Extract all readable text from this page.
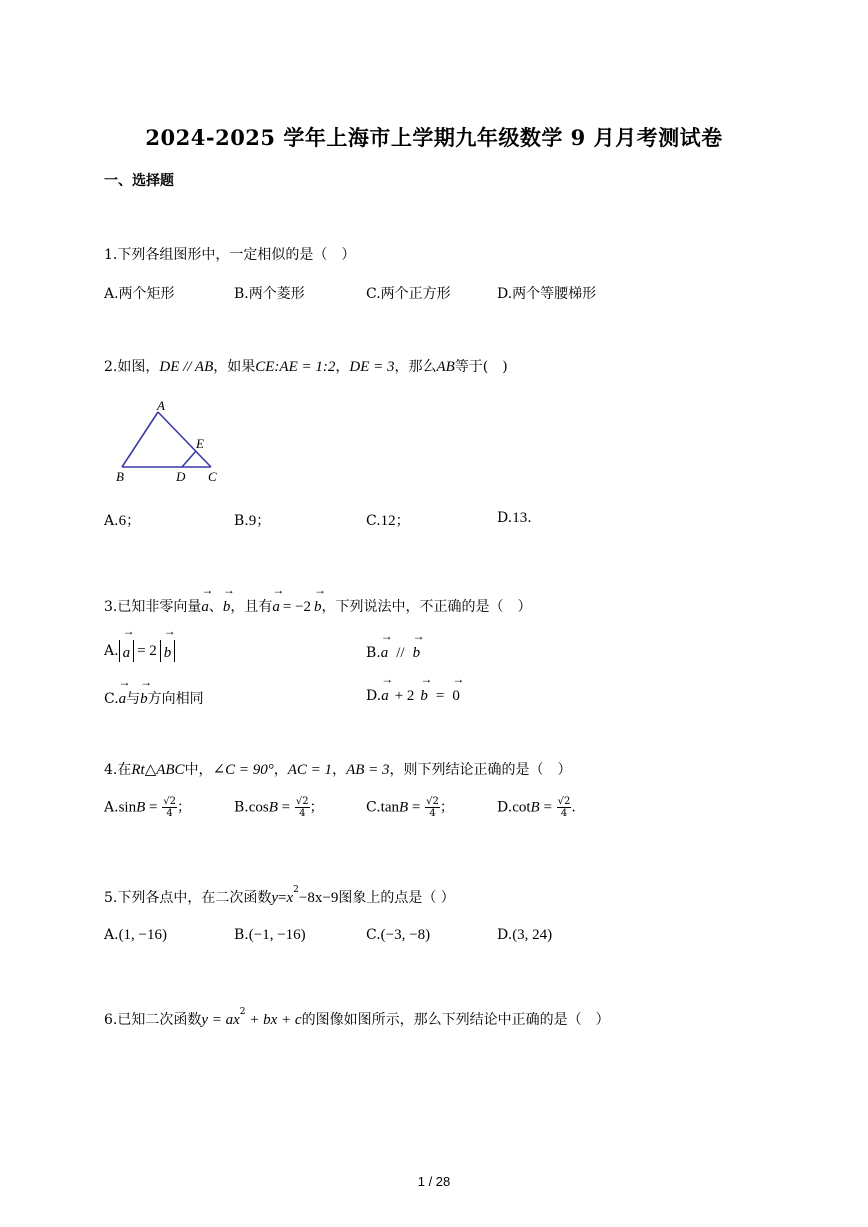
2024-2025 学年上海市上学期九年级数学 9 月月考测试卷
一、选择题
1.下列各组图形中，一定相似的是（　）
A.两个矩形	B.两个菱形	C.两个正方形	D.两个等腰梯形
2.如图，DE // AB，如果CE:AE = 1:2，DE = 3，那么AB等于(　)
A
B	C
D
E
A.6；	B.9；	C.12；	D.13.
3.已知非零向量
→
a、
→
b，且有
→
a = −2
→
b，下列说法中，不正确的是（　）
A.
→
a = 2
→
b	B.
→
a //
→
b
C.
→
a与
→
b方向相同	D.
→
a + 2
→
b =
→
0
4.在Rt△ABC中，∠C = 90°，AC = 1，AB = 3，则下列结论正确的是（　）
$A.\sin B = \frac{√2}{4}$ ；	$B.\cos B = \frac{√2}{4}$ ；	$C.\tan B = \frac{√2}{4}$ ；	$D.\cot B = \frac{√2}{4}$ .
5.下列各点中，在二次函数$y=x^2-8x-9$图象上的点是（ ）
A.(1, −16)	B.(−1, −16)	C.(−3, −8)	D.(3, 24)
6.已知二次函数$y = ax^2$ + bx + c的图像如图所示，那么下列结论中正确的是（　）
1 / 28
